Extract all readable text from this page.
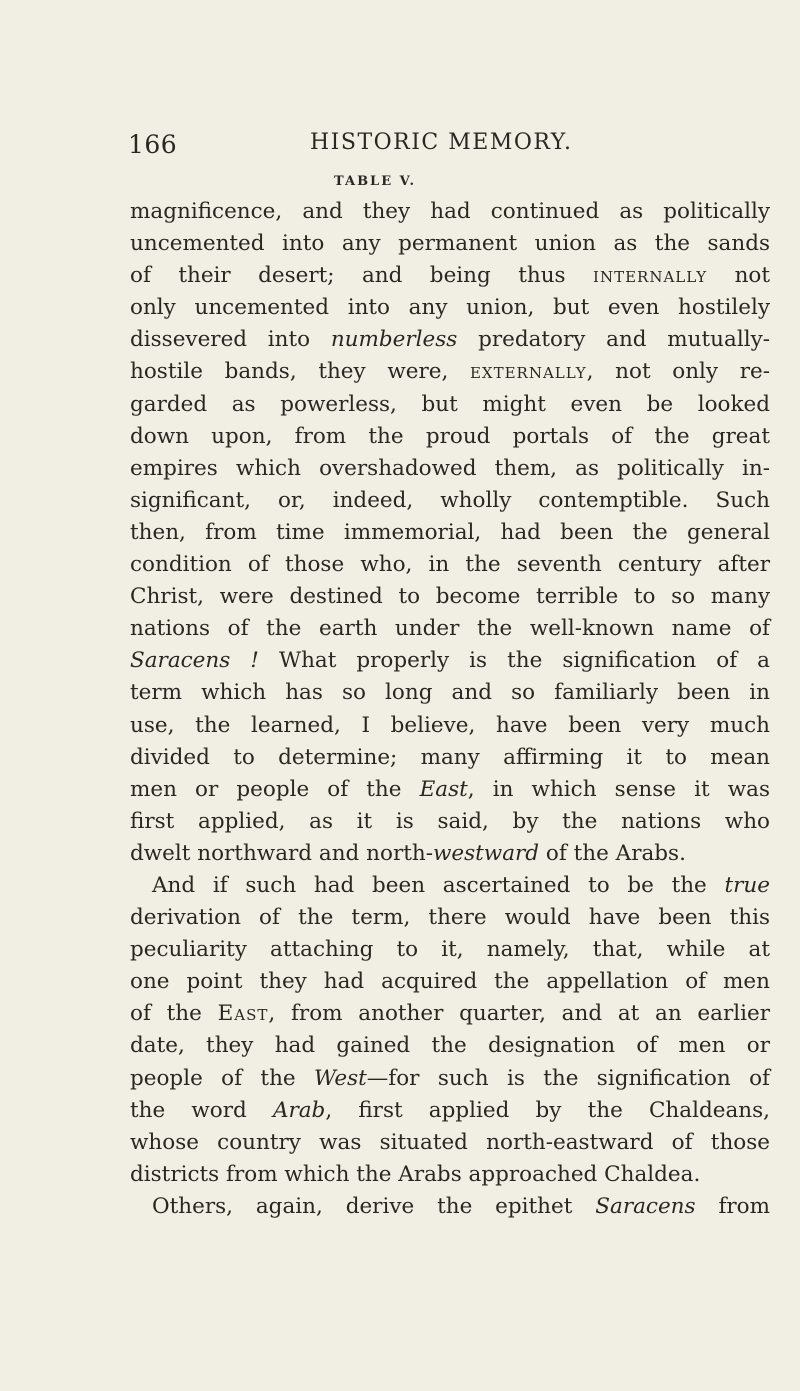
166	HISTORIC MEMORY.
TABLE V.
magnificence, and they had continued as politically
uncemented into any permanent union as the sands
of their desert; and being thus internally not
only uncemented into any union, but even hostilely
dissevered into numberless predatory and mutually-
hostile bands, they were, externally, not only re-
garded as powerless, but might even be looked
down upon, from the proud portals of the great
empires which overshadowed them, as politically in-
significant, or, indeed, wholly contemptible. Such
then, from time immemorial, had been the general
condition of those who, in the seventh century after
Christ, were destined to become terrible to so many
nations of the earth under the well-known name of
Saracens ! What properly is the signification of a
term which has so long and so familiarly been in
use, the learned, I believe, have been very much
divided to determine; many affirming it to mean
men or people of the East, in which sense it was
first applied, as it is said, by the nations who
dwelt northward and north-westward of the Arabs.
And if such had been ascertained to be the true
derivation of the term, there would have been this
peculiarity attaching to it, namely, that, while at
one point they had acquired the appellation of men
of the East, from another quarter, and at an earlier
date, they had gained the designation of men or
people of the West—for such is the signification of
the word Arab, first applied by the Chaldeans,
whose country was situated north-eastward of those
districts from which the Arabs approached Chaldea.
Others, again, derive the epithet Saracens from
